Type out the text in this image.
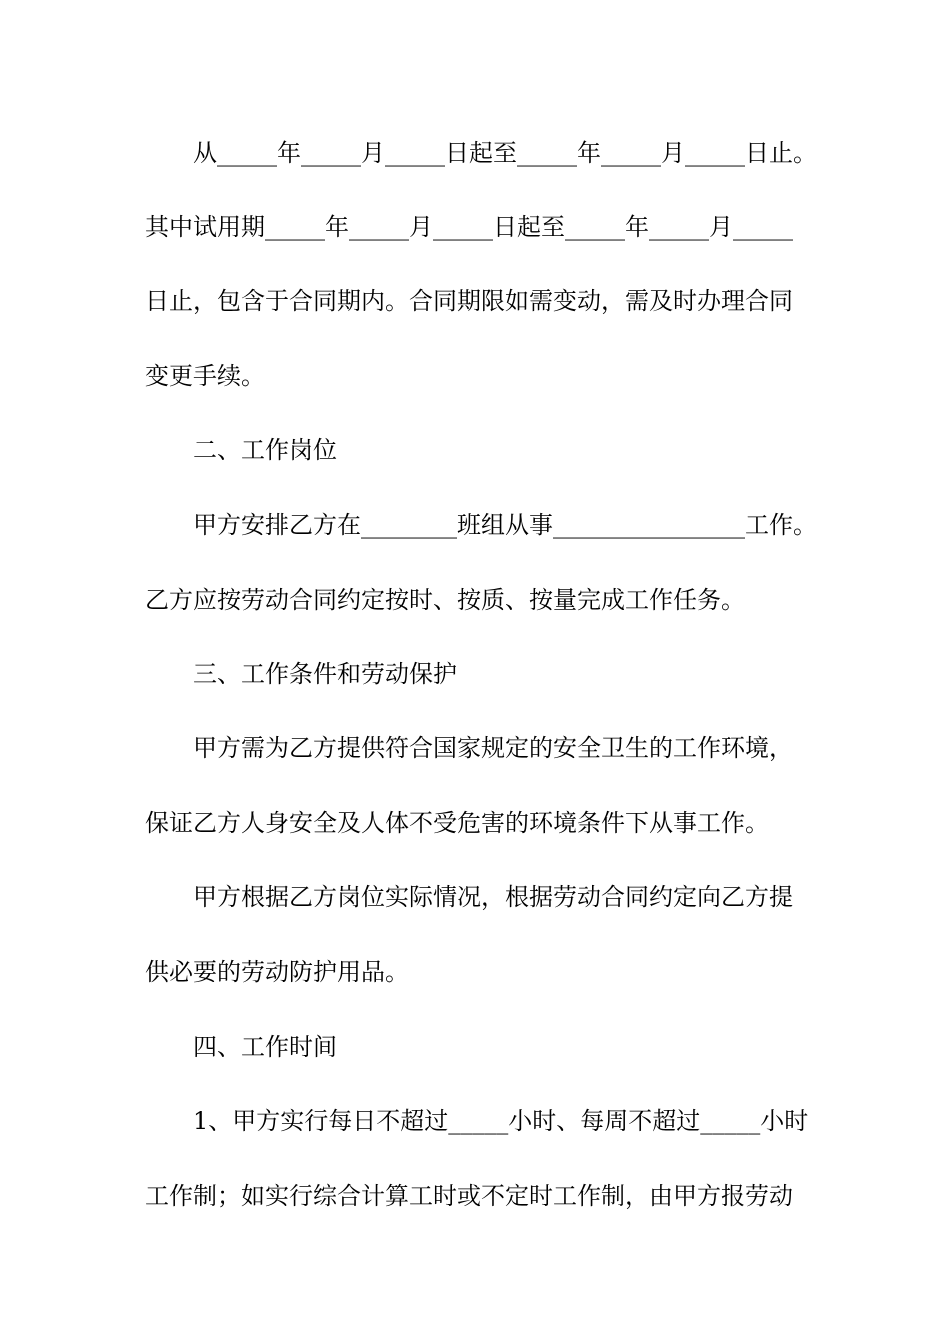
从_____年_____月_____日起至_____年_____月_____日止。
其中试用期_____年_____月_____日起至_____年_____月_____
日止，包含于合同期内。合同期限如需变动，需及时办理合同
变更手续。
二、工作岗位
甲方安排乙方在________班组从事________________工作。
乙方应按劳动合同约定按时、按质、按量完成工作任务。
三、工作条件和劳动保护
甲方需为乙方提供符合国家规定的安全卫生的工作环境，
保证乙方人身安全及人体不受危害的环境条件下从事工作。
甲方根据乙方岗位实际情况，根据劳动合同约定向乙方提
供必要的劳动防护用品。
四、工作时间
1、甲方实行每日不超过_____小时、每周不超过_____小时
工作制；如实行综合计算工时或不定时工作制，由甲方报劳动
